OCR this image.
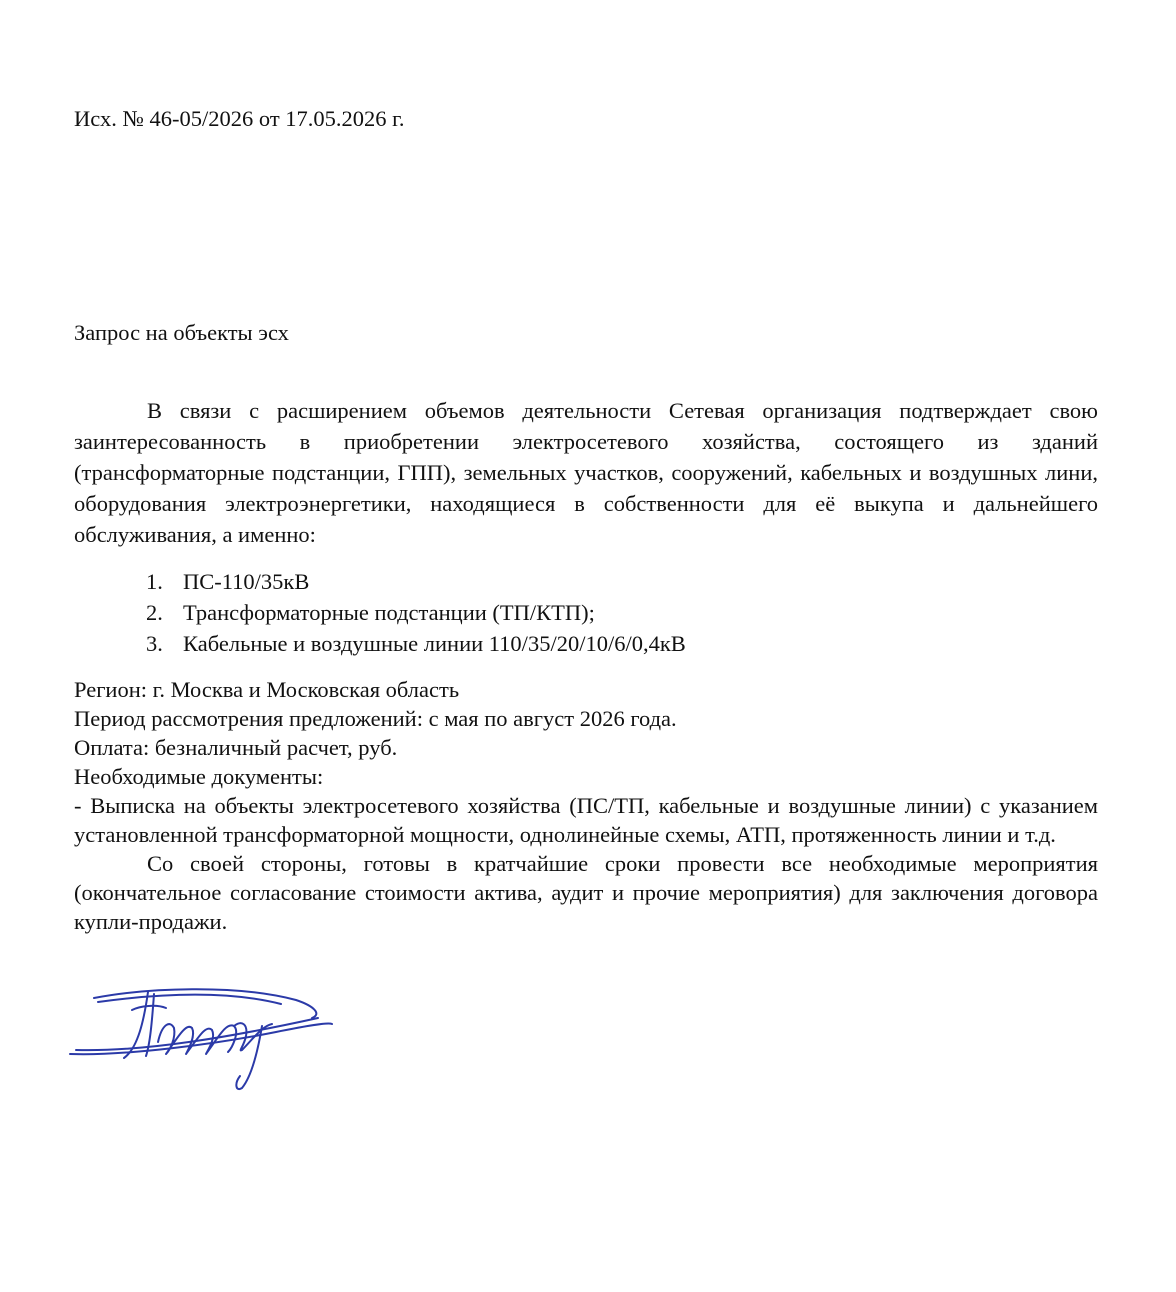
Исх. № 46-05/2026 от 17.05.2026 г.
Запрос на объекты эсх

В связи с расширением объемов деятельности Сетевая организация подтверждает свою заинтересованность в приобретении электросетевого хозяйства, состоящего из зданий (трансформаторные подстанции, ГПП), земельных участков, сооружений, кабельных и воздушных лини, оборудования электроэнергетики, находящиеся в собственности для её выкупа и дальнейшего обслуживания, а именно:

1. ПС-110/35кВ
2. Трансформаторные подстанции (ТП/КТП);
3. Кабельные и воздушные линии 110/35/20/10/6/0,4кВ
Регион: г. Москва и Московская область
Период рассмотрения предложений: с мая по август 2026 года.
Оплата: безналичный расчет, руб.
Необходимые документы:

- Выписка на объекты электросетевого хозяйства (ПС/ТП, кабельные и воздушные линии) с указанием установленной трансформаторной мощности, однолинейные схемы, АТП, протяженность линии и т.д.

Со своей стороны, готовы в кратчайшие сроки провести все необходимые мероприятия (окончательное согласование стоимости актива, аудит и прочие мероприятия) для заключения договора купли-продажи.
